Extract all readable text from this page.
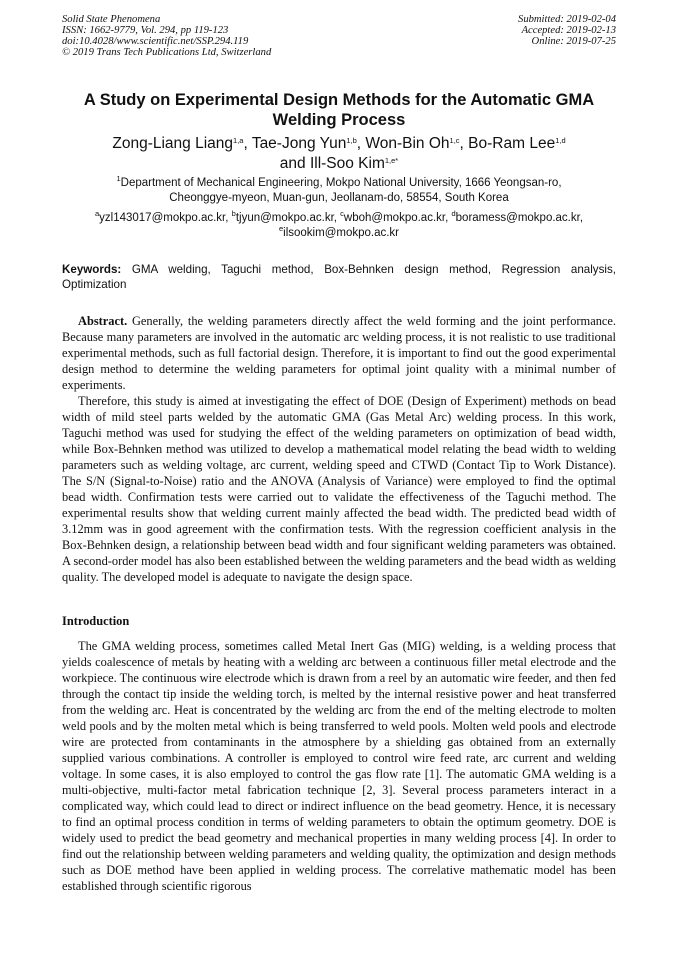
Solid State Phenomena
ISSN: 1662-9779, Vol. 294, pp 119-123
doi:10.4028/www.scientific.net/SSP.294.119
© 2019 Trans Tech Publications Ltd, Switzerland
Submitted: 2019-02-04
Accepted: 2019-02-13
Online: 2019-07-25
A Study on Experimental Design Methods for the Automatic GMA Welding Process
Zong-Liang Liang$^{1,a}$, Tae-Jong Yun$^{1,b}$, Won-Bin Oh$^{1,c}$, Bo-Ram Lee$^{1,d}$
and Ill-Soo Kim$^{1,e*}$
$^1$Department of Mechanical Engineering, Mokpo National University, 1666 Yeongsan-ro, Cheonggye-myeon, Muan-gun, Jeollanam-do, 58554, South Korea
$^a$yzl143017@mokpo.ac.kr, $^b$tjyun@mokpo.ac.kr, $^c$wboh@mokpo.ac.kr, $^d$boramess@mokpo.ac.kr,
$^e$ilsookim@mokpo.ac.kr
Keywords: GMA welding, Taguchi method, Box-Behnken design method, Regression analysis, Optimization

Abstract. Generally, the welding parameters directly affect the weld forming and the joint performance. Because many parameters are involved in the automatic arc welding process, it is not realistic to use traditional experimental methods, such as full factorial design. Therefore, it is important to find out the good experimental design method to determine the welding parameters for optimal joint quality with a minimal number of experiments.

Therefore, this study is aimed at investigating the effect of DOE (Design of Experiment) methods on bead width of mild steel parts welded by the automatic GMA (Gas Metal Arc) welding process. In this work, Taguchi method was used for studying the effect of the welding parameters on optimization of bead width, while Box-Behnken method was utilized to develop a mathematical model relating the bead width to welding parameters such as welding voltage, arc current, welding speed and CTWD (Contact Tip to Work Distance). The S/N (Signal-to-Noise) ratio and the ANOVA (Analysis of Variance) were employed to find the optimal bead width. Confirmation tests were carried out to validate the effectiveness of the Taguchi method. The experimental results show that welding current mainly affected the bead width. The predicted bead width of 3.12mm was in good agreement with the confirmation tests. With the regression coefficient analysis in the Box-Behnken design, a relationship between bead width and four significant welding parameters was obtained. A second-order model has also been established between the welding parameters and the bead width as welding quality. The developed model is adequate to navigate the design space.

Introduction

The GMA welding process, sometimes called Metal Inert Gas (MIG) welding, is a welding process that yields coalescence of metals by heating with a welding arc between a continuous filler metal electrode and the workpiece. The continuous wire electrode which is drawn from a reel by an automatic wire feeder, and then fed through the contact tip inside the welding torch, is melted by the internal resistive power and heat transferred from the welding arc. Heat is concentrated by the welding arc from the end of the melting electrode to molten weld pools and by the molten metal which is being transferred to weld pools. Molten weld pools and electrode wire are protected from contaminants in the atmosphere by a shielding gas obtained from an externally supplied various combinations. A controller is employed to control wire feed rate, arc current and welding voltage. In some cases, it is also employed to control the gas flow rate [1]. The automatic GMA welding is a multi-objective, multi-factor metal fabrication technique [2, 3]. Several process parameters interact in a complicated way, which could lead to direct or indirect influence on the bead geometry. Hence, it is necessary to find an optimal process condition in terms of welding parameters to obtain the optimum geometry. DOE is widely used to predict the bead geometry and mechanical properties in many welding process [4]. In order to find out the relationship between welding parameters and welding quality, the optimization and design methods such as DOE method have been applied in welding process. The correlative mathematic model has been established through scientific rigorous
